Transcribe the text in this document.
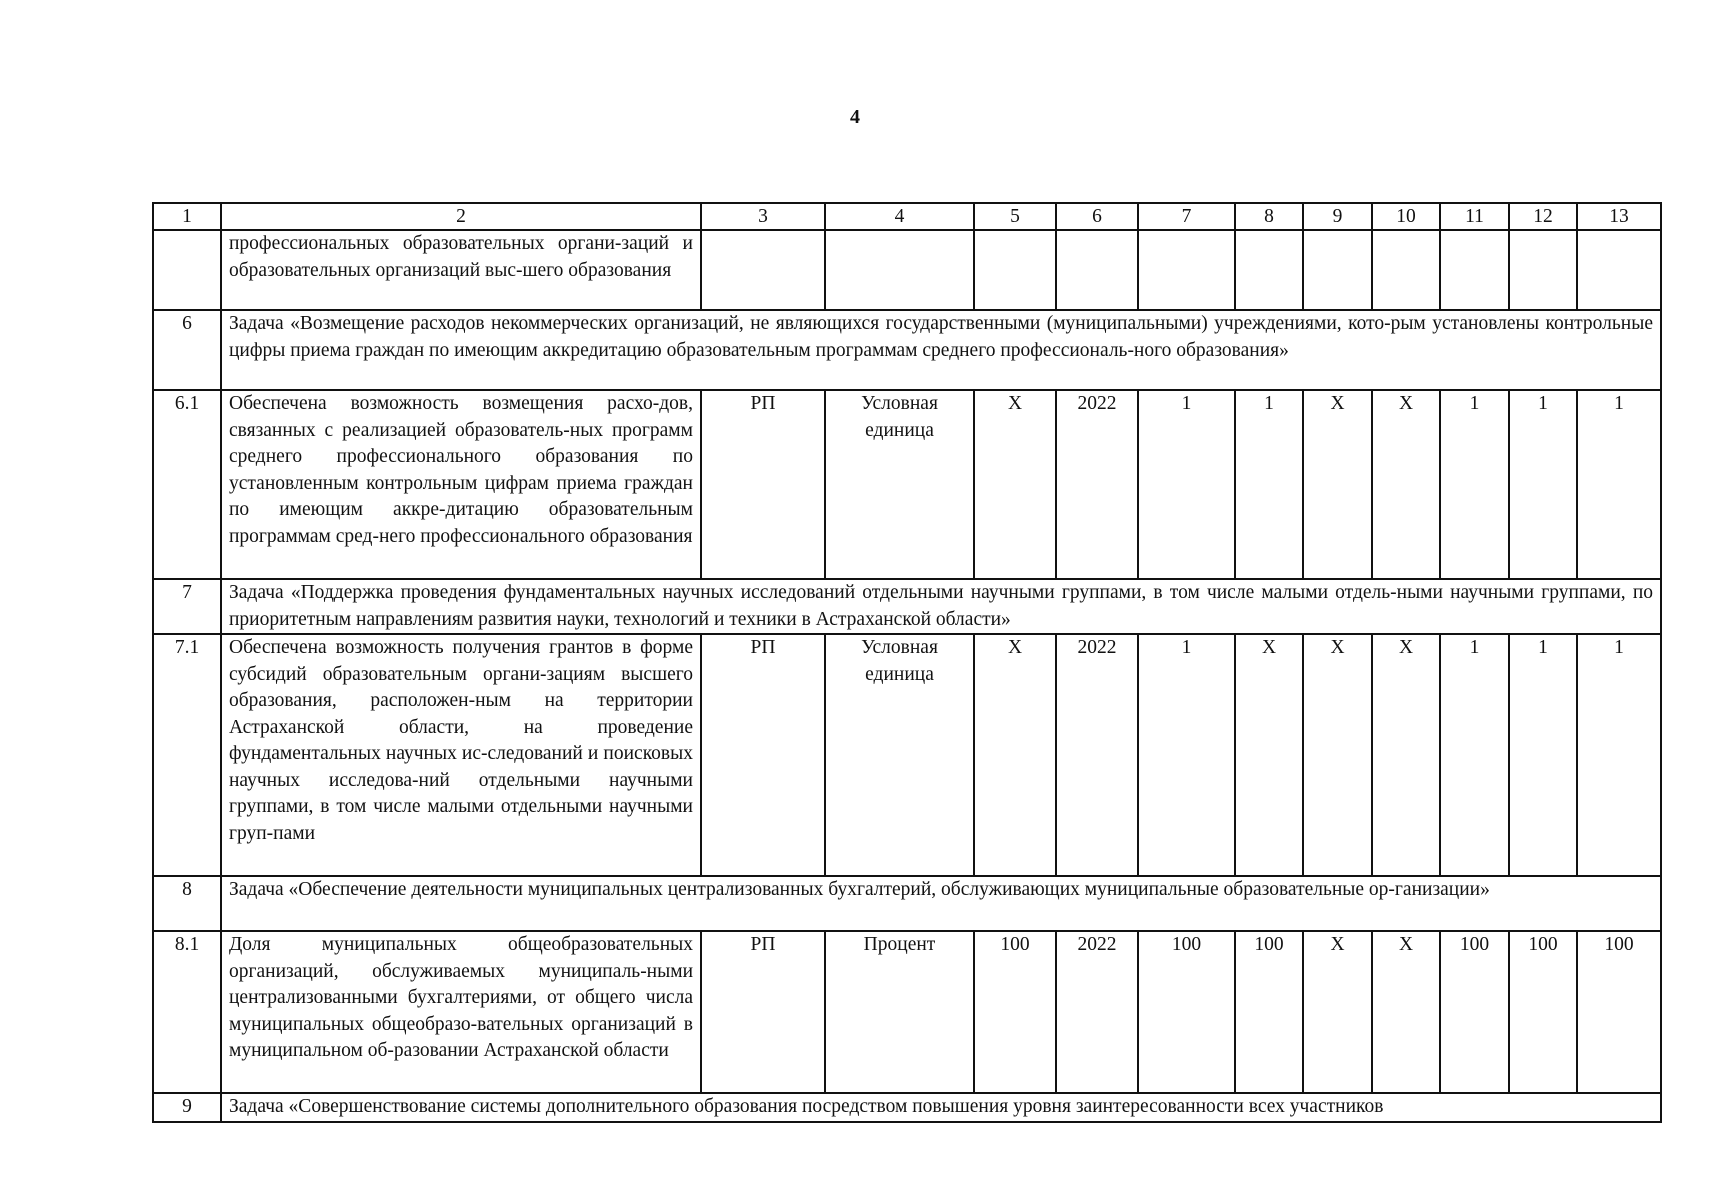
4
1	2	3	4	5	6	7	8	9	10	11	12	13
	профессиональных образовательных органи-заций и образовательных организаций выс-шего образования											
6	Задача «Возмещение расходов некоммерческих организаций, не являющихся государственными (муниципальными) учреждениями, кото-рым установлены контрольные цифры приема граждан по имеющим аккредитацию образовательным программам среднего профессиональ-ного образования»											
6.1	Обеспечена возможность возмещения расхо-дов, связанных с реализацией образователь-ных программ среднего профессионального образования по установленным контрольным цифрам приема граждан по имеющим аккре-дитацию образовательным программам сред-него профессионального образования	РП	Условная единица	Х	2022	1	1	Х	Х	1	1	1
7	Задача «Поддержка проведения фундаментальных научных исследований отдельными научными группами, в том числе малыми отдель-ными научными группами, по приоритетным направлениям развития науки, технологий и техники в Астраханской области»											
7.1	Обеспечена возможность получения грантов в форме субсидий образовательным органи-зациям высшего образования, расположен-ным на территории Астраханской области, на проведение фундаментальных научных ис-следований и поисковых научных исследова-ний отдельными научными группами, в том числе малыми отдельными научными груп-пами	РП	Условная единица	Х	2022	1	Х	Х	Х	1	1	1
8	Задача «Обеспечение деятельности муниципальных централизованных бухгалтерий, обслуживающих муниципальные образовательные ор-ганизации»											
8.1	Доля муниципальных общеобразовательных организаций, обслуживаемых муниципаль-ными централизованными бухгалтериями, от общего числа муниципальных общеобразо-вательных организаций в муниципальном об-разовании Астраханской области	РП	Процент	100	2022	100	100	Х	Х	100	100	100
9	Задача «Совершенствование системы дополнительного образования посредством повышения уровня заинтересованности всех участников											
